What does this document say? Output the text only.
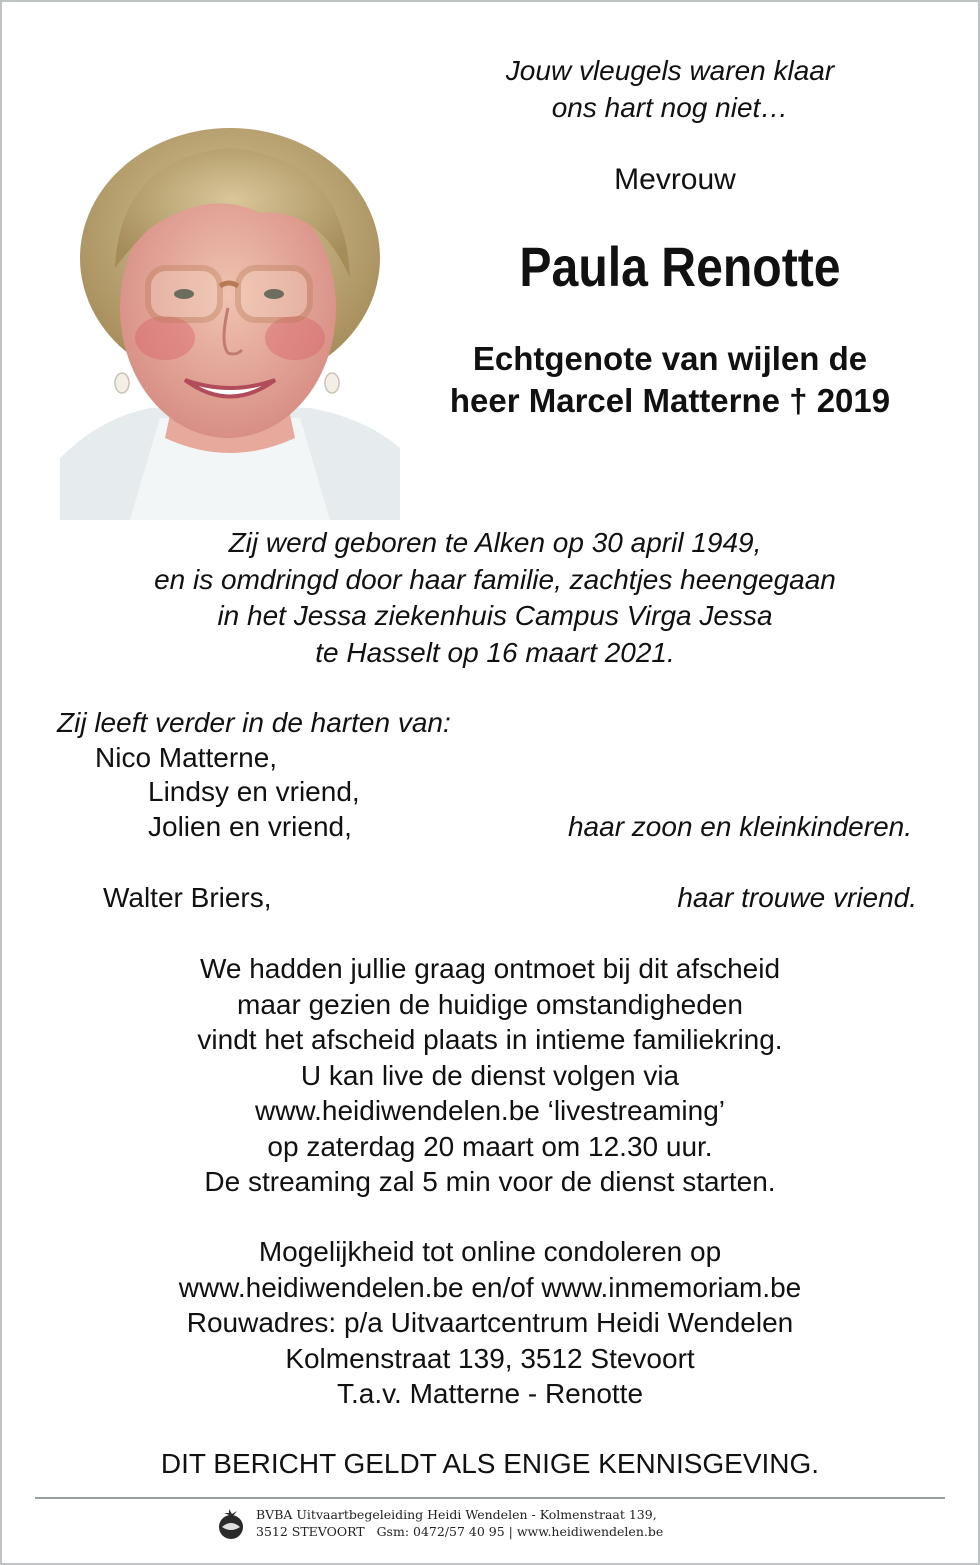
Jouw vleugels waren klaar
ons hart nog niet…
Mevrouw
Paula Renotte
Echtgenote van wijlen de
heer Marcel Matterne † 2019
Zij werd geboren te Alken op 30 april 1949,
en is omdringd door haar familie, zachtjes heengegaan
in het Jessa ziekenhuis Campus Virga Jessa
te Hasselt op 16 maart 2021.
Zij leeft verder in de harten van:
Nico Matterne,
Lindsy en vriend,
Jolien en vriend,	haar zoon en kleinkinderen.
Walter Briers,	haar trouwe vriend.
We hadden jullie graag ontmoet bij dit afscheid
maar gezien de huidige omstandigheden
vindt het afscheid plaats in intieme familiekring.
U kan live de dienst volgen via
www.heidiwendelen.be ‘livestreaming’
op zaterdag 20 maart om 12.30 uur.
De streaming zal 5 min voor de dienst starten.
Mogelijkheid tot online condoleren op
www.heidiwendelen.be en/of www.inmemoriam.be
Rouwadres: p/a Uitvaartcentrum Heidi Wendelen
Kolmenstraat 139, 3512 Stevoort
T.a.v. Matterne - Renotte
DIT BERICHT GELDT ALS ENIGE KENNISGEVING.
BVBA Uitvaartbegeleiding Heidi Wendelen - Kolmenstraat 139,
3512 STEVOORT   Gsm: 0472/57 40 95 | www.heidiwendelen.be
